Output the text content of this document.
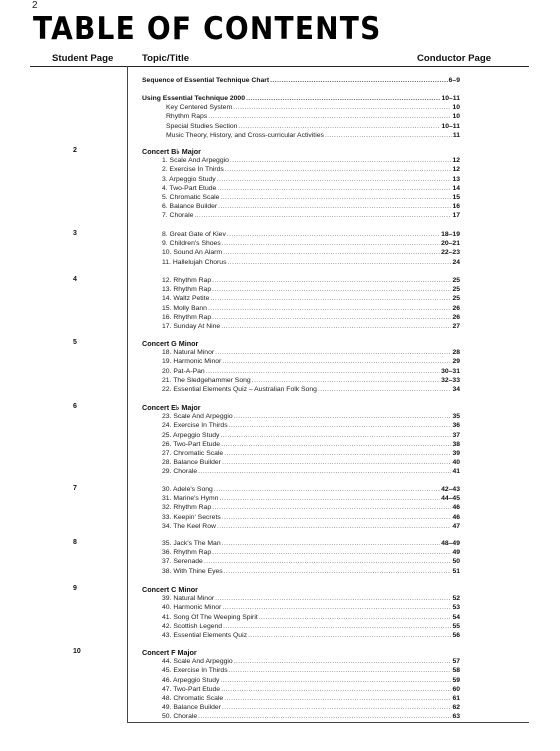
2
TABLE OF CONTENTS
Student Page	Topic/Title	Conductor Page
Sequence of Essential Technique Chart .....	6–9
Using Essential Technique 2000 .....	10–11
Key Centered System .....	10
Rhythm Raps .....	10
Special Studies Section .....	10–11
Music Theory, History, and Cross-curricular Activities .....	11
2	Concert B♭ Major
1. Scale And Arpeggio .....	12
2. Exercise In Thirds .....	12
3. Arpeggio Study .....	13
4. Two-Part Etude .....	14
5. Chromatic Scale .....	15
6. Balance Builder .....	16
7. Chorale .....	17
3	8. Great Gate of Kiev .....	18–19
9. Children's Shoes .....	20–21
10. Sound An Alarm .....	22–23
11. Hallelujah Chorus .....	24
4	12. Rhythm Rap .....	25
13. Rhythm Rap .....	25
14. Waltz Petite .....	25
15. Molly Bann .....	26
16. Rhythm Rap .....	26
17. Sunday At Nine .....	27
5	Concert G Minor
18. Natural Minor .....	28
19. Harmonic Minor .....	29
20. Pat-A-Pan .....	30–31
21. The Sledgehammer Song .....	32–33
22. Essential Elements Quiz – Australian Folk Song .....	34
6	Concert E♭ Major
23. Scale And Arpeggio .....	35
24. Exercise In Thirds .....	36
25. Arpeggio Study .....	37
26. Two-Part Etude .....	38
27. Chromatic Scale .....	39
28. Balance Builder .....	40
29. Chorale .....	41
7	30. Adele's Song .....	42–43
31. Marine's Hymn .....	44–45
32. Rhythm Rap .....	46
33. Keepin' Secrets .....	46
34. The Keel Row .....	47
8	35. Jack's The Man .....	48–49
36. Rhythm Rap .....	49
37. Serenade .....	50
38. With Thine Eyes .....	51
9	Concert C Minor
39. Natural Minor .....	52
40. Harmonic Minor .....	53
41. Song Of The Weeping Spirit .....	54
42. Scottish Legend .....	55
43. Essential Elements Quiz .....	56
10	Concert F Major
44. Scale And Arpeggio .....	57
45. Exercise In Thirds .....	58
46. Arpeggio Study .....	59
47. Two-Part Etude .....	60
48. Chromatic Scale .....	61
49. Balance Builder .....	62
50. Chorale .....	63
